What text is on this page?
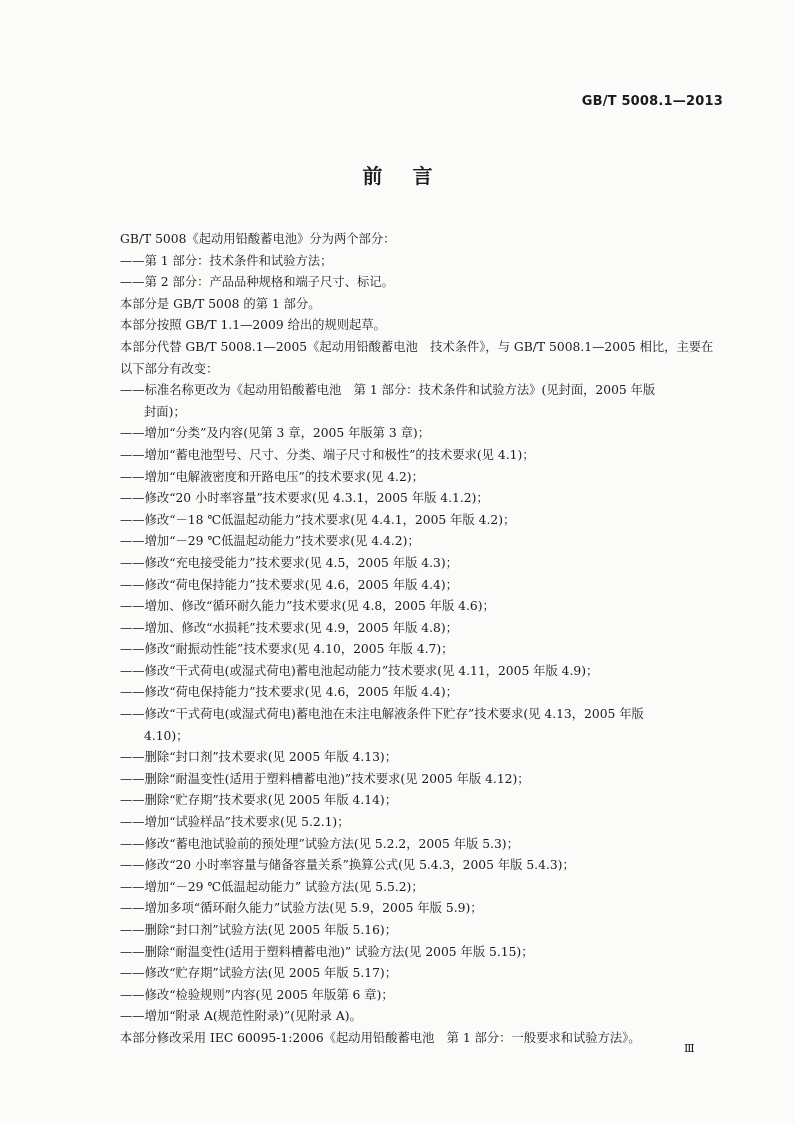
GB/T 5008.1—2013
前言
GB/T 5008《起动用铅酸蓄电池》分为两个部分：
——第 1 部分：技术条件和试验方法；
——第 2 部分：产品品种规格和端子尺寸、标记。
本部分是 GB/T 5008 的第 1 部分。
本部分按照 GB/T 1.1—2009 给出的规则起草。
本部分代替 GB/T 5008.1—2005《起动用铅酸蓄电池　技术条件》，与 GB/T 5008.1—2005 相比，主要在以下部分有改变：
——标准名称更改为《起动用铅酸蓄电池　第 1 部分：技术条件和试验方法》(见封面，2005 年版
封面)；
——增加“分类”及内容(见第 3 章，2005 年版第 3 章)；
——增加“蓄电池型号、尺寸、分类、端子尺寸和极性”的技术要求(见 4.1)；
——增加“电解液密度和开路电压”的技术要求(见 4.2)；
——修改“20 小时率容量”技术要求(见 4.3.1，2005 年版 4.1.2)；
——修改“－18 ℃低温起动能力”技术要求(见 4.4.1，2005 年版 4.2)；
——增加“－29 ℃低温起动能力”技术要求(见 4.4.2)；
——修改“充电接受能力”技术要求(见 4.5，2005 年版 4.3)；
——修改“荷电保持能力”技术要求(见 4.6，2005 年版 4.4)；
——增加、修改“循环耐久能力”技术要求(见 4.8，2005 年版 4.6)；
——增加、修改“水损耗”技术要求(见 4.9，2005 年版 4.8)；
——修改“耐振动性能”技术要求(见 4.10，2005 年版 4.7)；
——修改“干式荷电(或湿式荷电)蓄电池起动能力”技术要求(见 4.11，2005 年版 4.9)；
——修改“荷电保持能力”技术要求(见 4.6，2005 年版 4.4)；
——修改“干式荷电(或湿式荷电)蓄电池在未注电解液条件下贮存”技术要求(见 4.13，2005 年版
4.10)；
——删除“封口剂”技术要求(见 2005 年版 4.13)；
——删除“耐温变性(适用于塑料槽蓄电池)”技术要求(见 2005 年版 4.12)；
——删除“贮存期”技术要求(见 2005 年版 4.14)；
——增加“试验样品”技术要求(见 5.2.1)；
——修改“蓄电池试验前的预处理”试验方法(见 5.2.2，2005 年版 5.3)；
——修改“20 小时率容量与储备容量关系”换算公式(见 5.4.3，2005 年版 5.4.3)；
——增加“－29 ℃低温起动能力” 试验方法(见 5.5.2)；
——增加多项“循环耐久能力”试验方法(见 5.9，2005 年版 5.9)；
——删除“封口剂”试验方法(见 2005 年版 5.16)；
——删除“耐温变性(适用于塑料槽蓄电池)” 试验方法(见 2005 年版 5.15)；
——修改“贮存期”试验方法(见 2005 年版 5.17)；
——修改“检验规则”内容(见 2005 年版第 6 章)；
——增加“附录 A(规范性附录)”(见附录 A)。
本部分修改采用 IEC 60095-1:2006《起动用铅酸蓄电池　第 1 部分：一般要求和试验方法》。
Ⅲ
